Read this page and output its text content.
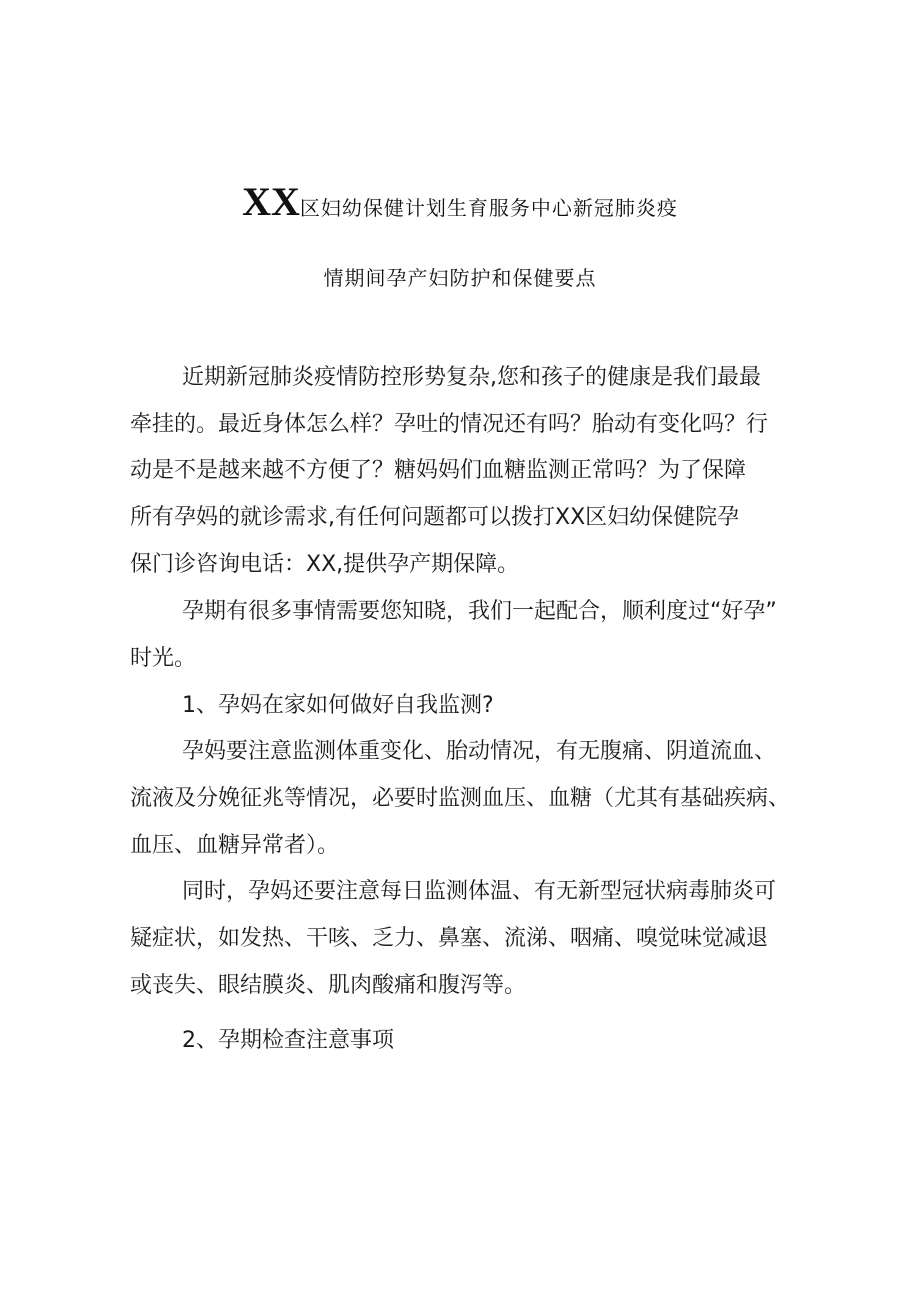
XX区妇幼保健计划生育服务中心新冠肺炎疫
情期间孕产妇防护和保健要点
近期新冠肺炎疫情防控形势复杂,您和孩子的健康是我们最最
牵挂的。最近身体怎么样？孕吐的情况还有吗？胎动有变化吗？行
动是不是越来越不方便了？糖妈妈们血糖监测正常吗？为了保障
所有孕妈的就诊需求,有任何问题都可以拨打XX区妇幼保健院孕
保门诊咨询电话：XX,提供孕产期保障。
孕期有很多事情需要您知晓，我们一起配合，顺利度过“好孕”
时光。
1、孕妈在家如何做好自我监测?
孕妈要注意监测体重变化、胎动情况，有无腹痛、阴道流血、
流液及分娩征兆等情况，必要时监测血压、血糖（尤其有基础疾病、
血压、血糖异常者）。
同时，孕妈还要注意每日监测体温、有无新型冠状病毒肺炎可
疑症状，如发热、干咳、乏力、鼻塞、流涕、咽痛、嗅觉味觉减退
或丧失、眼结膜炎、肌肉酸痛和腹泻等。
2、孕期检查注意事项
